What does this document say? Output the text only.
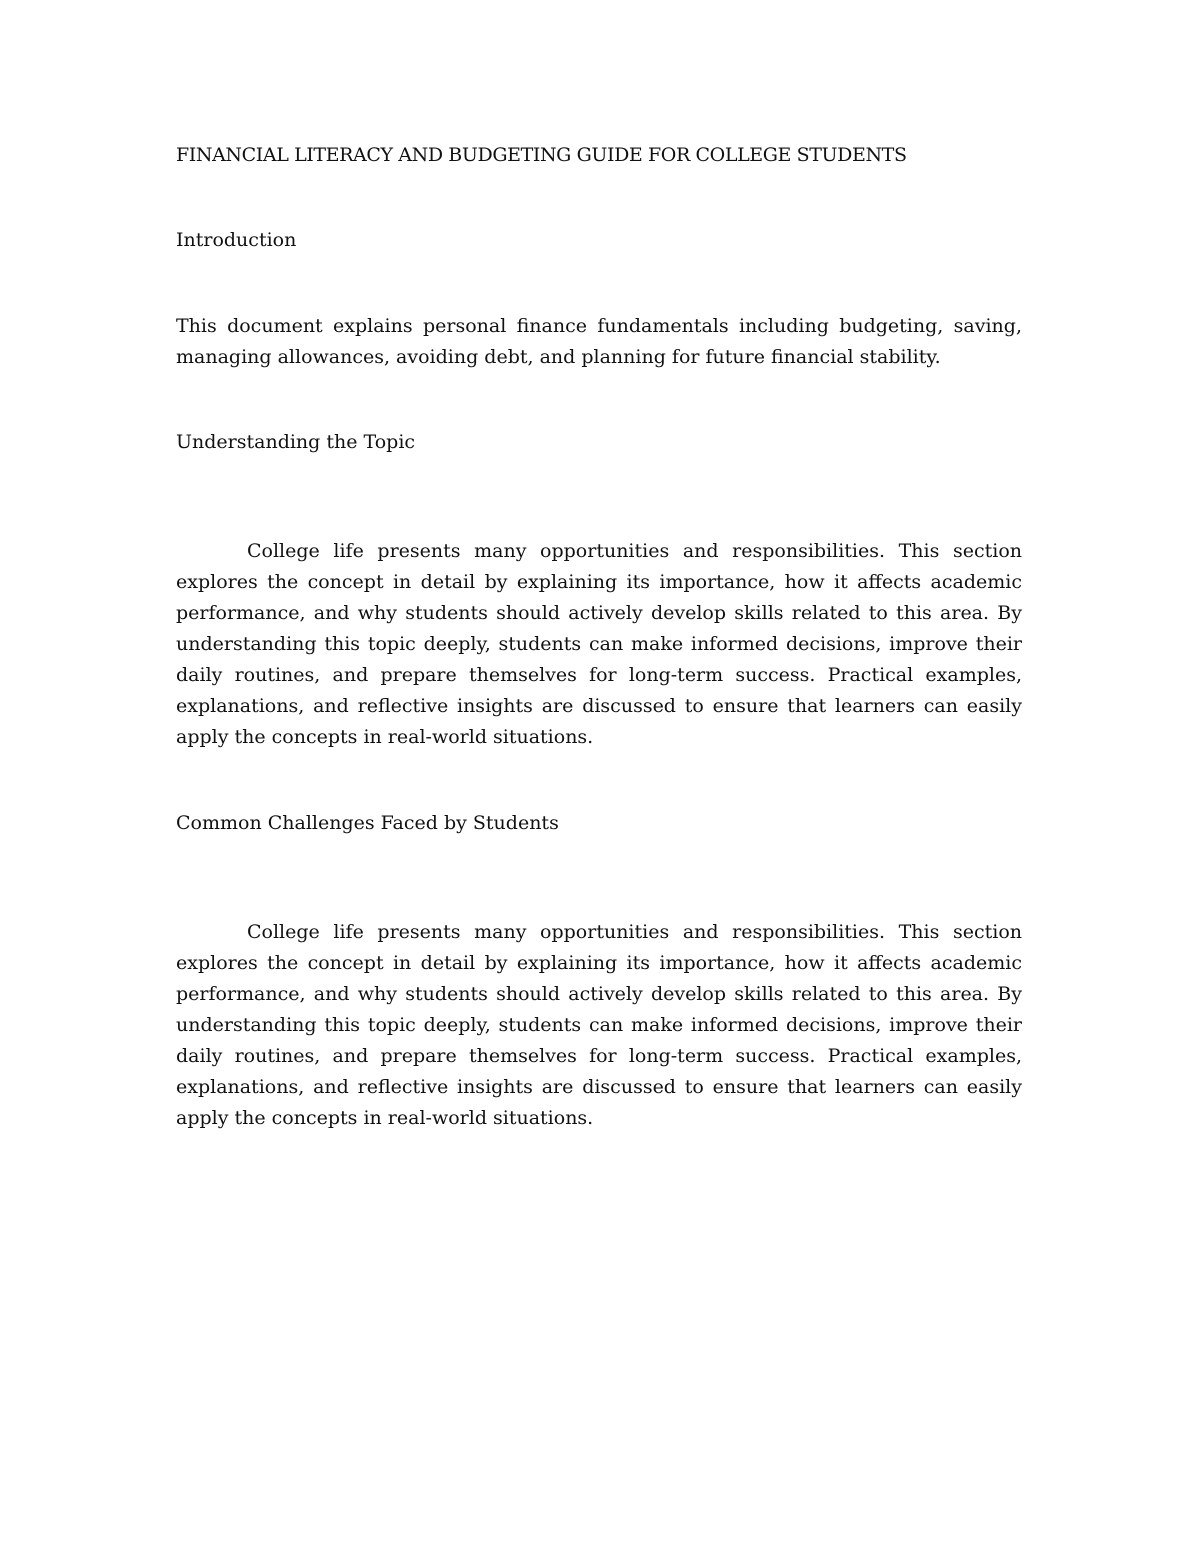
FINANCIAL LITERACY AND BUDGETING GUIDE FOR COLLEGE STUDENTS
Introduction

This document explains personal finance fundamentals including budgeting, saving, managing allowances, avoiding debt, and planning for future financial stability.

Understanding the Topic

College life presents many opportunities and responsibilities. This section explores the concept in detail by explaining its importance, how it affects academic performance, and why students should actively develop skills related to this area. By understanding this topic deeply, students can make informed decisions, improve their daily routines, and prepare themselves for long-term success. Practical examples, explanations, and reflective insights are discussed to ensure that learners can easily apply the concepts in real-world situations.

Common Challenges Faced by Students

College life presents many opportunities and responsibilities. This section explores the concept in detail by explaining its importance, how it affects academic performance, and why students should actively develop skills related to this area. By understanding this topic deeply, students can make informed decisions, improve their daily routines, and prepare themselves for long-term success. Practical examples, explanations, and reflective insights are discussed to ensure that learners can easily apply the concepts in real-world situations.
